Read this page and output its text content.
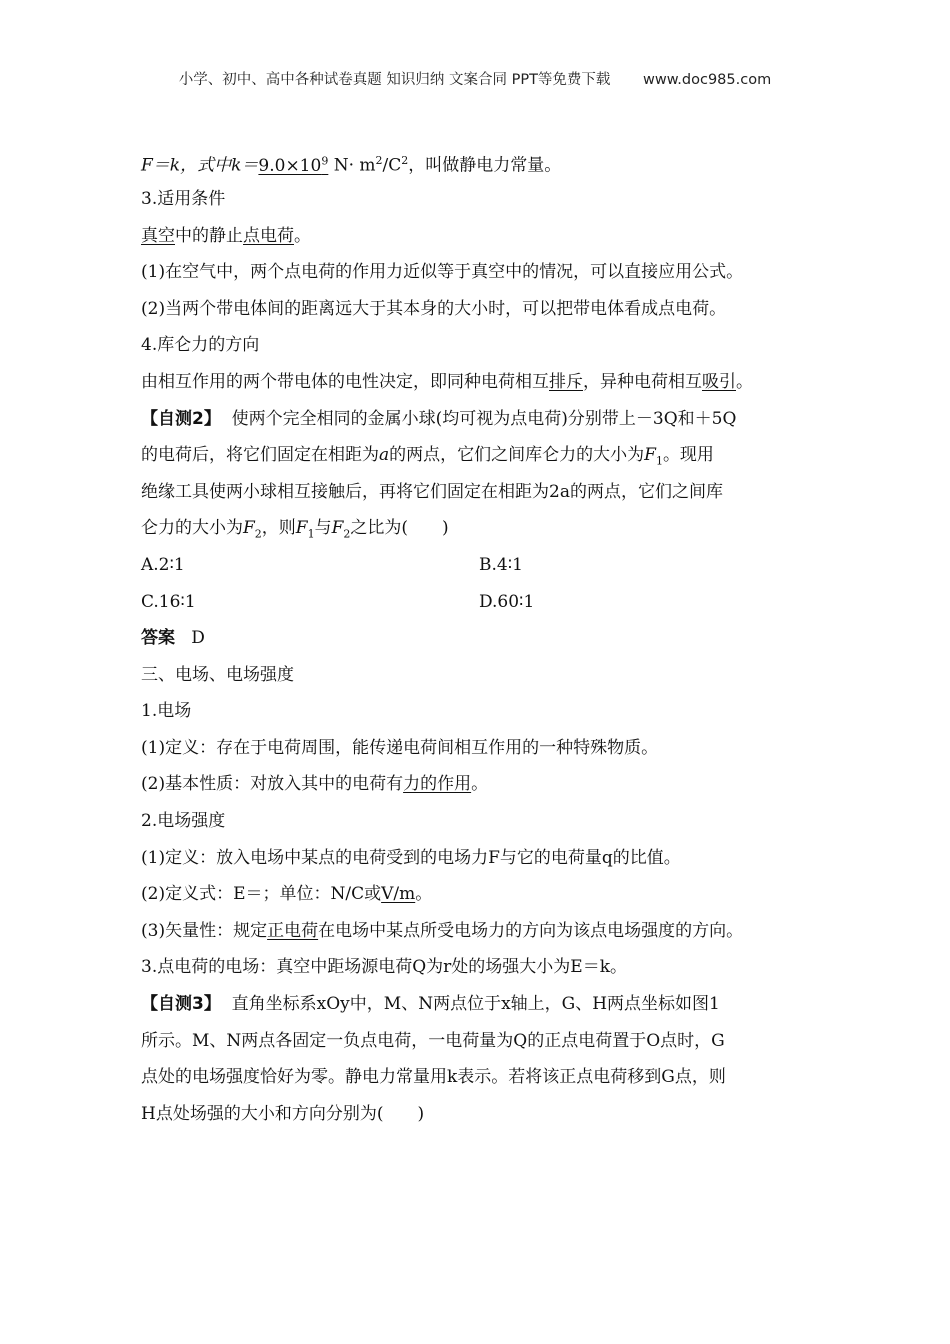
小学、初中、高中各种试卷真题 知识归纳 文案合同 PPT等免费下载 www.doc985.com
F＝k，式中$k=9.0\times 10^9$ $N\cdot m^2/C^2$，叫做静电力常量。
3.适用条件
真空中的静止点电荷。
(1)在空气中，两个点电荷的作用力近似等于真空中的情况，可以直接应用公式。
(2)当两个带电体间的距离远大于其本身的大小时，可以把带电体看成点电荷。
4.库仑力的方向
由相互作用的两个带电体的电性决定，即同种电荷相互排斥，异种电荷相互吸引。
【自测2】 使两个完全相同的金属小球(均可视为点电荷)分别带上－3Q和＋5Q
的电荷后，将它们固定在相距为a的两点，它们之间库仑力的大小为$F_1$。现用
绝缘工具使两小球相互接触后，再将它们固定在相距为2a的两点，它们之间库
仑力的大小为$F_2$，则$F_1$与$F_2$之比为(　　)
A.2∶1	B.4∶1
C.16∶1	D.60∶1
答案 D
三、电场、电场强度
1.电场
(1)定义：存在于电荷周围，能传递电荷间相互作用的一种特殊物质。
(2)基本性质：对放入其中的电荷有力的作用。
2.电场强度
(1)定义：放入电场中某点的电荷受到的电场力F与它的电荷量q的比值。
(2)定义式：E＝；单位：N/C或V/m。
(3)矢量性：规定正电荷在电场中某点所受电场力的方向为该点电场强度的方向。
3.点电荷的电场：真空中距场源电荷Q为r处的场强大小为E＝k。
【自测3】 直角坐标系xOy中，M、N两点位于x轴上，G、H两点坐标如图1
所示。M、N两点各固定一负点电荷，一电荷量为Q的正点电荷置于O点时，G
点处的电场强度恰好为零。静电力常量用k表示。若将该正点电荷移到G点，则
H点处场强的大小和方向分别为(　　)
